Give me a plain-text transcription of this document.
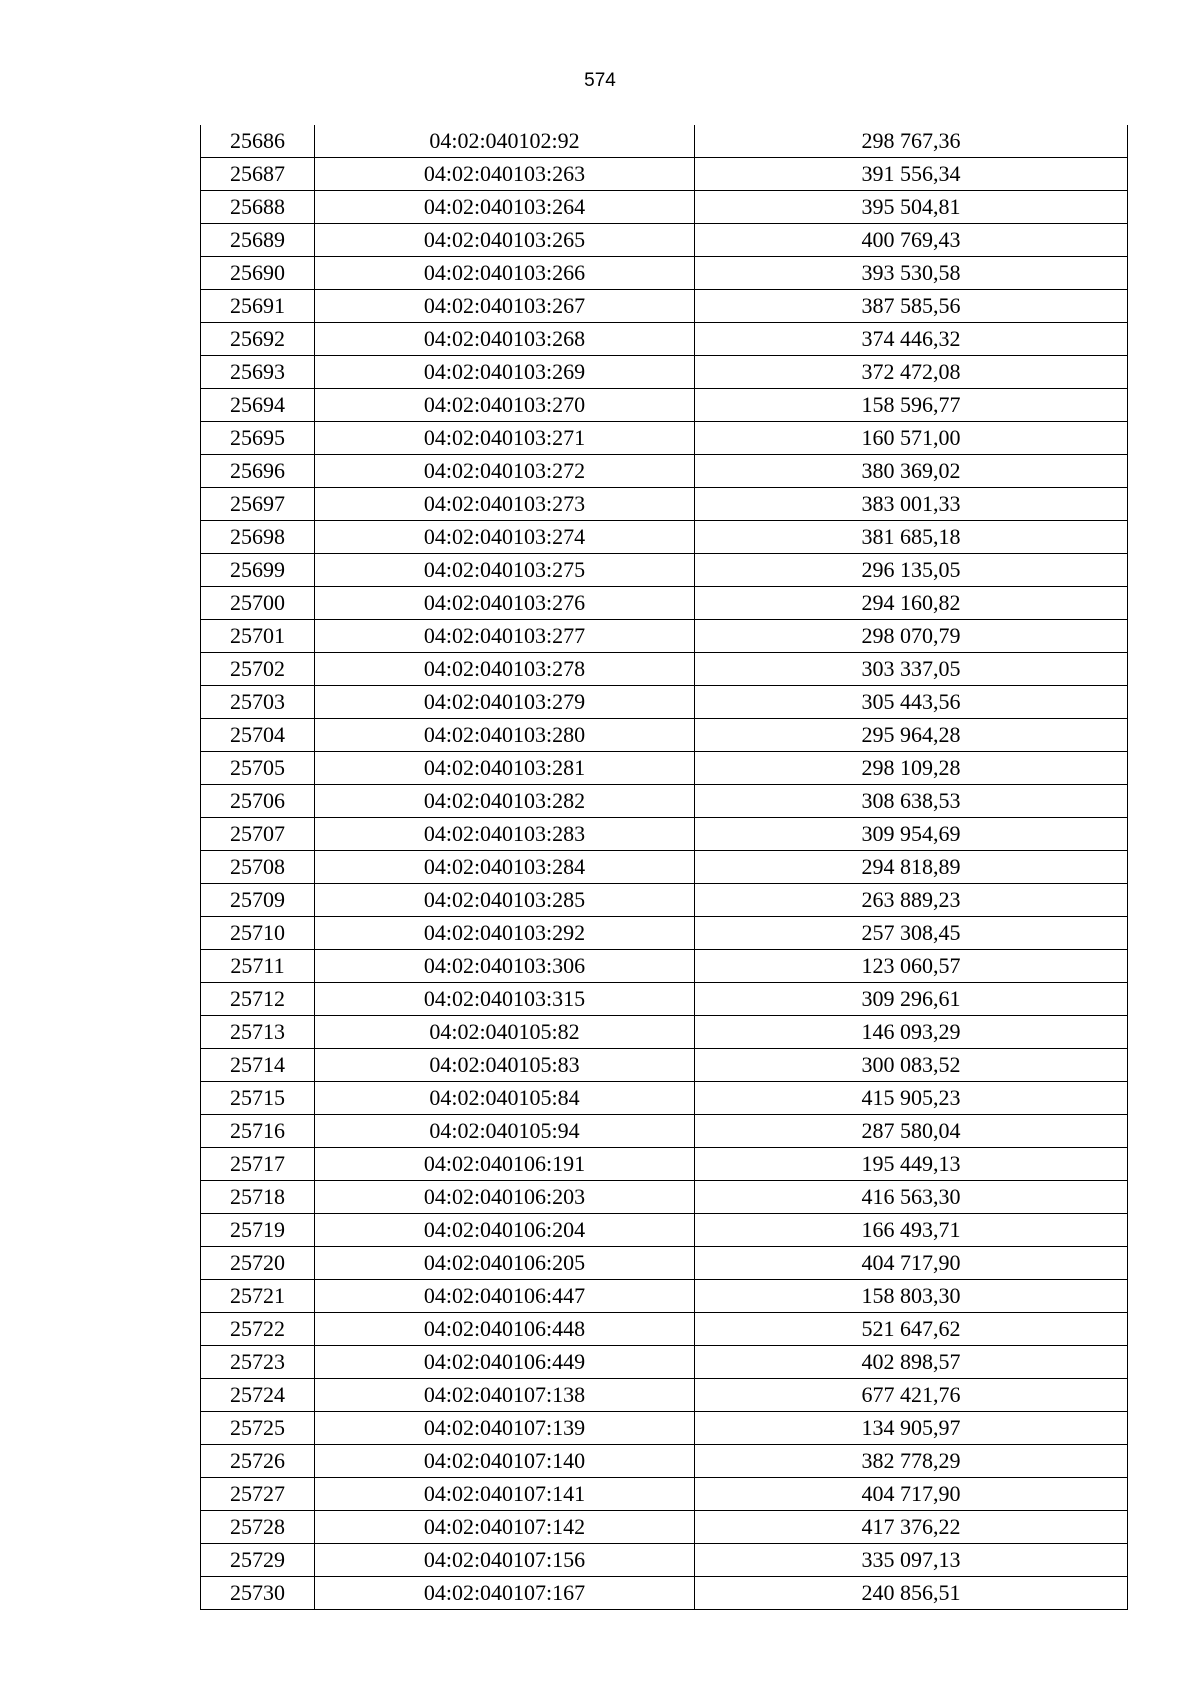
574
25686	04:02:040102:92	298 767,36
25687	04:02:040103:263	391 556,34
25688	04:02:040103:264	395 504,81
25689	04:02:040103:265	400 769,43
25690	04:02:040103:266	393 530,58
25691	04:02:040103:267	387 585,56
25692	04:02:040103:268	374 446,32
25693	04:02:040103:269	372 472,08
25694	04:02:040103:270	158 596,77
25695	04:02:040103:271	160 571,00
25696	04:02:040103:272	380 369,02
25697	04:02:040103:273	383 001,33
25698	04:02:040103:274	381 685,18
25699	04:02:040103:275	296 135,05
25700	04:02:040103:276	294 160,82
25701	04:02:040103:277	298 070,79
25702	04:02:040103:278	303 337,05
25703	04:02:040103:279	305 443,56
25704	04:02:040103:280	295 964,28
25705	04:02:040103:281	298 109,28
25706	04:02:040103:282	308 638,53
25707	04:02:040103:283	309 954,69
25708	04:02:040103:284	294 818,89
25709	04:02:040103:285	263 889,23
25710	04:02:040103:292	257 308,45
25711	04:02:040103:306	123 060,57
25712	04:02:040103:315	309 296,61
25713	04:02:040105:82	146 093,29
25714	04:02:040105:83	300 083,52
25715	04:02:040105:84	415 905,23
25716	04:02:040105:94	287 580,04
25717	04:02:040106:191	195 449,13
25718	04:02:040106:203	416 563,30
25719	04:02:040106:204	166 493,71
25720	04:02:040106:205	404 717,90
25721	04:02:040106:447	158 803,30
25722	04:02:040106:448	521 647,62
25723	04:02:040106:449	402 898,57
25724	04:02:040107:138	677 421,76
25725	04:02:040107:139	134 905,97
25726	04:02:040107:140	382 778,29
25727	04:02:040107:141	404 717,90
25728	04:02:040107:142	417 376,22
25729	04:02:040107:156	335 097,13
25730	04:02:040107:167	240 856,51
